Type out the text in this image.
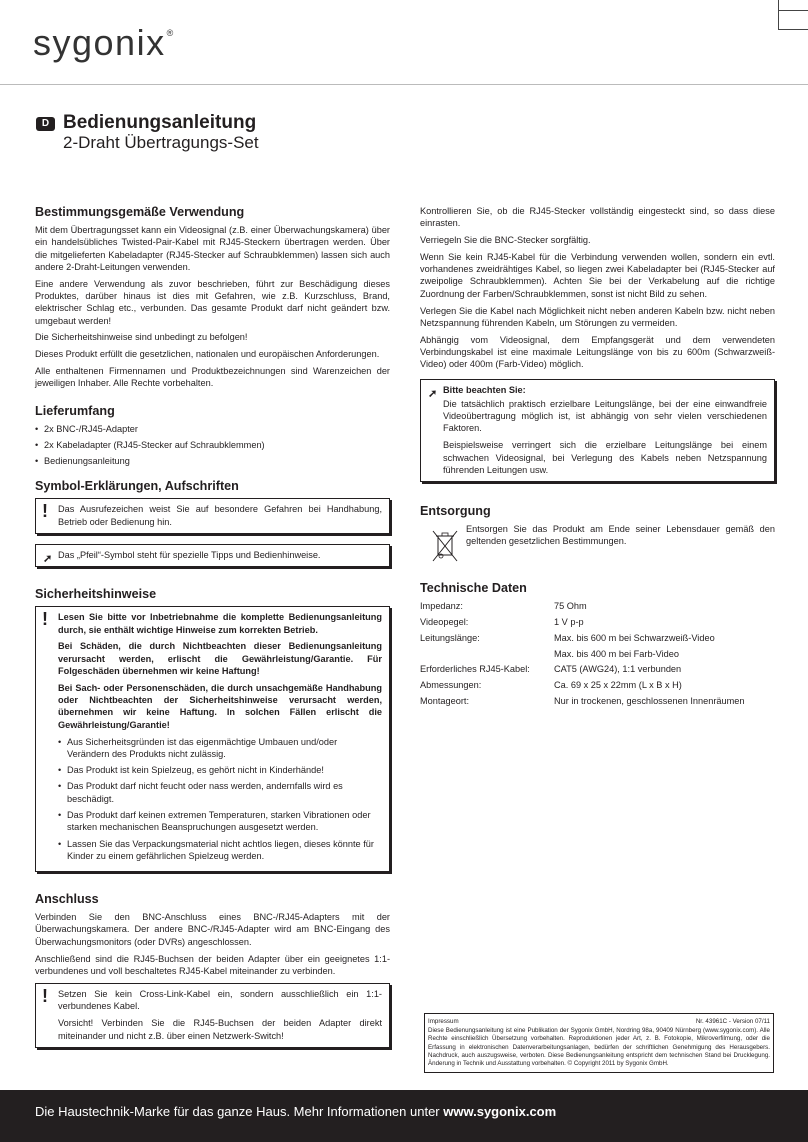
sygonix®
D Bedienungsanleitung
2-Draht Übertragungs-Set
Bestimmungsgemäße Verwendung

Mit dem Übertragungsset kann ein Videosignal (z.B. einer Überwachungskamera) über ein handelsübliches Twisted-Pair-Kabel mit RJ45-Steckern übertragen werden. Über die mitgelieferten Kabeladapter (RJ45-Stecker auf Schraubklemmen) lassen sich auch andere 2-Draht-Leitungen verwenden.

Eine andere Verwendung als zuvor beschrieben, führt zur Beschädigung dieses Produktes, darüber hinaus ist dies mit Gefahren, wie z.B. Kurzschluss, Brand, elektrischer Schlag etc., verbunden. Das gesamte Produkt darf nicht geändert bzw. umgebaut werden!

Die Sicherheitshinweise sind unbedingt zu befolgen!

Dieses Produkt erfüllt die gesetzlichen, nationalen und europäischen Anforderungen.

Alle enthaltenen Firmennamen und Produktbezeichnungen sind Warenzeichen der jeweiligen Inhaber. Alle Rechte vorbehalten.

Lieferumfang
• 2x BNC-/RJ45-Adapter
• 2x Kabeladapter (RJ45-Stecker auf Schraubklemmen)
• Bedienungsanleitung
Symbol-Erklärungen, Aufschriften
! Das Ausrufezeichen weist Sie auf besondere Gefahren bei Handhabung, Betrieb oder Bedienung hin.
➚ Das „Pfeil“-Symbol steht für spezielle Tipps und Bedienhinweise.
Sicherheitshinweise
! Lesen Sie bitte vor Inbetriebnahme die komplette Bedienungsanleitung durch, sie enthält wichtige Hinweise zum korrekten Betrieb.

Bei Schäden, die durch Nichtbeachten dieser Bedienungsanleitung verursacht werden, erlischt die Gewährleistung/Garantie. Für Folgeschäden übernehmen wir keine Haftung!

Bei Sach- oder Personenschäden, die durch unsachgemäße Handhabung oder Nichtbeachten der Sicherheitshinweise verursacht werden, übernehmen wir keine Haftung. In solchen Fällen erlischt die Gewährleistung/Garantie!

• Aus Sicherheitsgründen ist das eigenmächtige Umbauen und/oder Verändern des Produkts nicht zulässig.
• Das Produkt ist kein Spielzeug, es gehört nicht in Kinderhände!
• Das Produkt darf nicht feucht oder nass werden, andernfalls wird es beschädigt.
• Das Produkt darf keinen extremen Temperaturen, starken Vibrationen oder starken mechanischen Beanspruchungen ausgesetzt werden.
• Lassen Sie das Verpackungsmaterial nicht achtlos liegen, dieses könnte für Kinder zu einem gefährlichen Spielzeug werden.
Anschluss

Verbinden Sie den BNC-Anschluss eines BNC-/RJ45-Adapters mit der Überwachungskamera. Der andere BNC-/RJ45-Adapter wird am BNC-Eingang des Überwachungsmonitors (oder DVRs) angeschlossen.

Anschließend sind die RJ45-Buchsen der beiden Adapter über ein geeignetes 1:1-verbundenes und voll beschaltetes RJ45-Kabel miteinander zu verbinden.

! Setzen Sie kein Cross-Link-Kabel ein, sondern ausschließlich ein 1:1-verbundenes Kabel.

Vorsicht! Verbinden Sie die RJ45-Buchsen der beiden Adapter direkt miteinander und nicht z.B. über einen Netzwerk-Switch!

Kontrollieren Sie, ob die RJ45-Stecker vollständig eingesteckt sind, so dass diese einrasten.

Verriegeln Sie die BNC-Stecker sorgfältig.

Wenn Sie kein RJ45-Kabel für die Verbindung verwenden wollen, sondern ein evtl. vorhandenes zweidrähtiges Kabel, so liegen zwei Kabeladapter bei (RJ45-Stecker auf zweipolige Schraubklemmen). Achten Sie bei der Verkabelung auf die richtige Zuordnung der Farben/Schraubklemmen, sonst ist nicht Bild zu sehen.

Verlegen Sie die Kabel nach Möglichkeit nicht neben anderen Kabeln bzw. nicht neben Netzspannung führenden Kabeln, um Störungen zu vermeiden.

Abhängig vom Videosignal, dem Empfangsgerät und dem verwendeten Verbindungskabel ist eine maximale Leitungslänge von bis zu 600m (Schwarzweiß-Video) oder 400m (Farb-Video) möglich.

➚ Bitte beachten Sie:

Die tatsächlich praktisch erzielbare Leitungslänge, bei der eine einwandfreie Videoübertragung möglich ist, ist abhängig von sehr vielen verschiedenen Faktoren.

Beispielsweise verringert sich die erzielbare Leitungslänge bei einem schwachen Videosignal, bei Verlegung des Kabels neben Netzspannung führenden Leitungen usw.

Entsorgung
Entsorgen Sie das Produkt am Ende seiner Lebensdauer gemäß den geltenden gesetzlichen Bestimmungen.
Technische Daten
Impedanz:	75 Ohm
Videopegel:	1 V p-p
Leitungslänge:	Max. bis 600 m bei Schwarzweiß-Video
	Max. bis 400 m bei Farb-Video
Erforderliches RJ45-Kabel:	CAT5 (AWG24), 1:1 verbunden
Abmessungen:	Ca. 69 x 25 x 22mm (L x B x H)
Montageort:	Nur in trockenen, geschlossenen Innenräumen
Impressum	Nr. 43961C - Version 07/11
Diese Bedienungsanleitung ist eine Publikation der Sygonix GmbH, Nordring 98a, 90409 Nürnberg (www.sygonix.com). Alle Rechte einschließlich Übersetzung vorbehalten. Reproduktionen jeder Art, z. B. Fotokopie, Mikroverfilmung, oder die Erfassung in elektronischen Datenverarbeitungsanlagen, bedürfen der schriftlichen Genehmigung des Herausgebers. Nachdruck, auch auszugsweise, verboten. Diese Bedienungsanleitung entspricht dem technischen Stand bei Drucklegung. Änderung in Technik und Ausstattung vorbehalten. © Copyright 2011 by Sygonix GmbH.
Die Haustechnik-Marke für das ganze Haus. Mehr Informationen unter www.sygonix.com
